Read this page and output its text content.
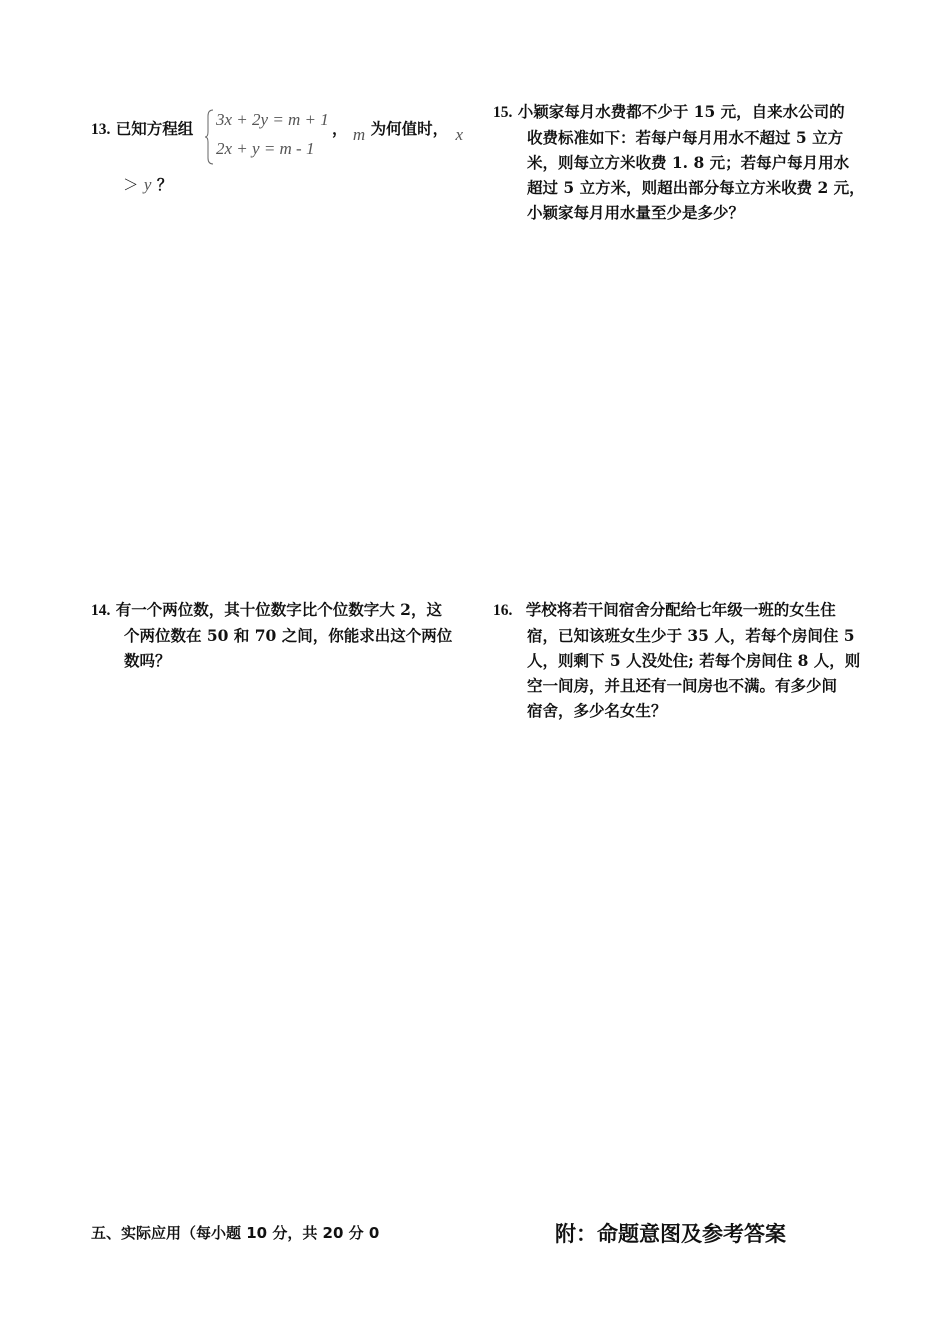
13. 已知方程组 3x + 2y = m + 1
2x + y = m - 1
， m 为何值时， x
＞ y ？
15. 小颖家每月水费都不少于 15 元，自来水公司的
收费标准如下：若每户每月用水不超过 5 立方
米，则每立方米收费 1. 8 元；若每户每月用水
超过 5 立方米，则超出部分每立方米收费 2 元，
小颖家每月用水量至少是多少？
14. 有一个两位数，其十位数字比个位数字大 2，这
个两位数在 50 和 70 之间，你能求出这个两位
数吗？
16. 学校将若干间宿舍分配给七年级一班的女生住
宿，已知该班女生少于 35 人，若每个房间住 5
人，则剩下 5 人没处住; 若每个房间住 8 人，则
空一间房，并且还有一间房也不满。有多少间
宿舍，多少名女生？
五、实际应用（每小题 10 分，共 20 分 0	附：命题意图及参考答案
